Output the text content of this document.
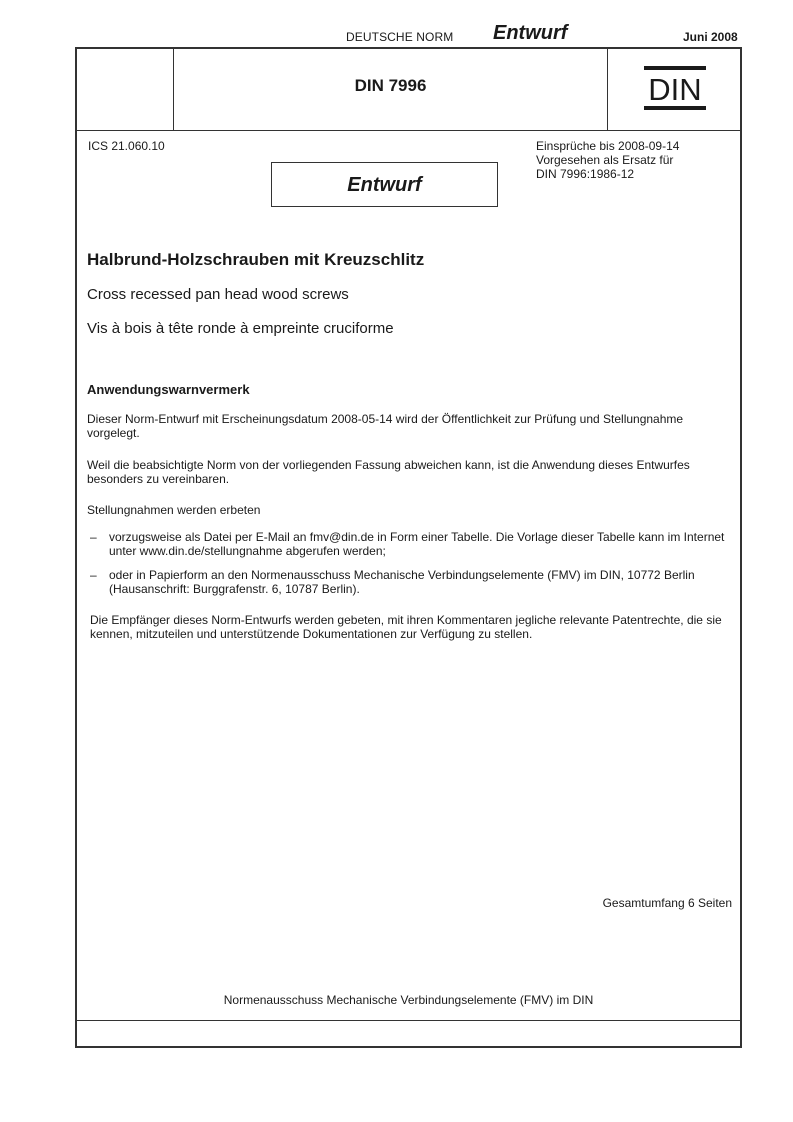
DEUTSCHE NORM Entwurf	Juni 2008
DIN 7996	DIN
ICS 21.060.10	Einsprüche bis 2008-09-14
Vorgesehen als Ersatz für
DIN 7996:1986-12
Entwurf
Halbrund-Holzschrauben mit Kreuzschlitz
Cross recessed pan head wood screws
Vis à bois à tête ronde à empreinte cruciforme
Anwendungswarnvermerk
Dieser Norm-Entwurf mit Erscheinungsdatum 2008-05-14 wird der Öffentlichkeit zur Prüfung und Stellungnahme vorgelegt.
Weil die beabsichtigte Norm von der vorliegenden Fassung abweichen kann, ist die Anwendung dieses Entwurfes besonders zu vereinbaren.
Stellungnahmen werden erbeten
– vorzugsweise als Datei per E-Mail an fmv@din.de in Form einer Tabelle. Die Vorlage dieser Tabelle kann im Internet unter www.din.de/stellungnahme abgerufen werden;
– oder in Papierform an den Normenausschuss Mechanische Verbindungselemente (FMV) im DIN, 10772 Berlin (Hausanschrift: Burggrafenstr. 6, 10787 Berlin).
Die Empfänger dieses Norm-Entwurfs werden gebeten, mit ihren Kommentaren jegliche relevante Patentrechte, die sie kennen, mitzuteilen und unterstützende Dokumentationen zur Verfügung zu stellen.
Gesamtumfang 6 Seiten
Normenausschuss Mechanische Verbindungselemente (FMV) im DIN
